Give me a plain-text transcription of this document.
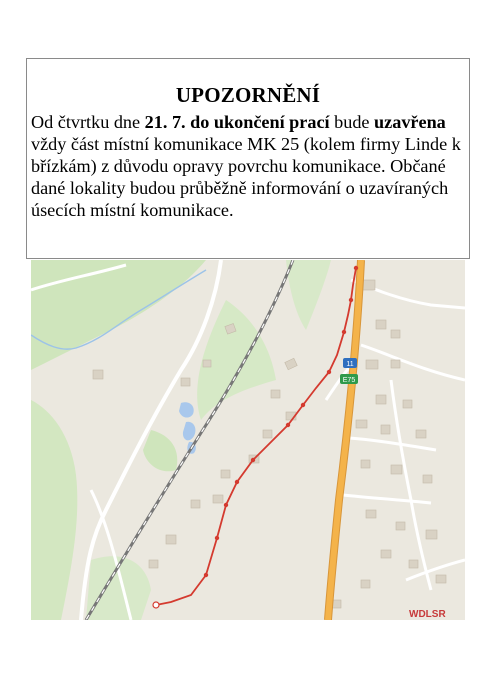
UPOZORNĚNÍ
Od čtvrtku dne 21. 7. do ukončení prací bude uzavřena vždy část místní komunikace MK 25 (kolem firmy Linde k břízkám) z důvodu opravy povrchu komunikace. Občané dané lokality budou průběžně informování o uzavíraných úsecích místní komunikace.
11
E75
WDLSR
